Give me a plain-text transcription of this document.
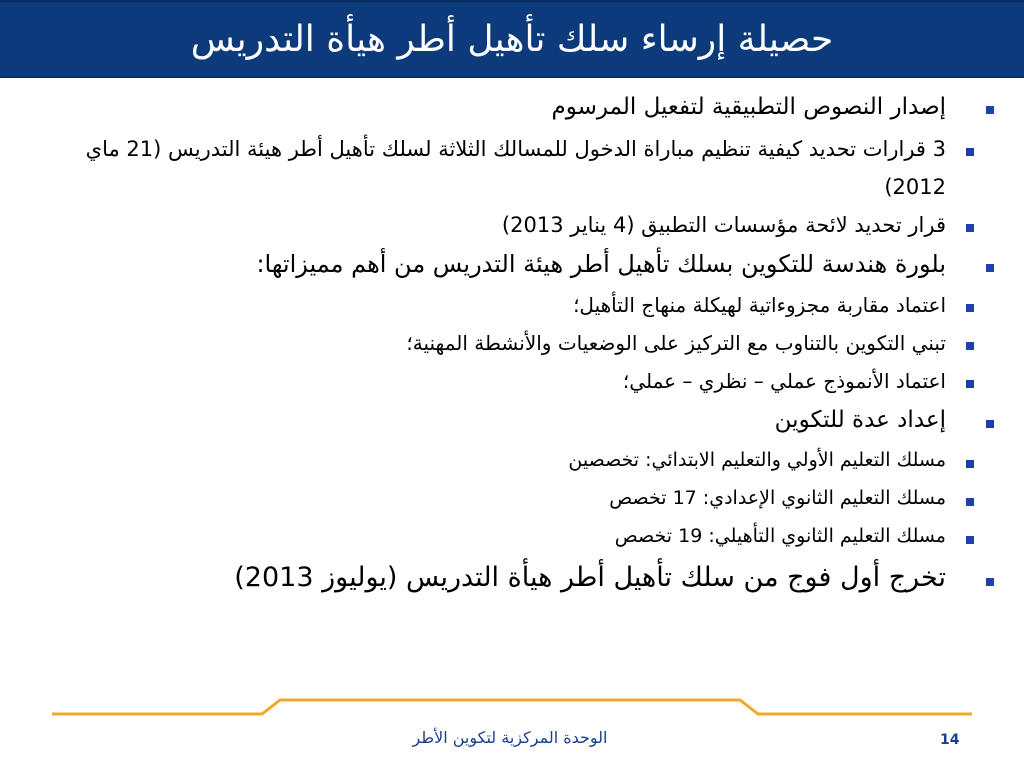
حصيلة إرساء سلك تأهيل أطر هيأة التدريس
إصدار النصوص التطبيقية لتفعيل المرسوم
3 قرارات تحديد كيفية تنظيم مباراة الدخول للمسالك الثلاثة لسلك تأهيل أطر هيئة التدريس (21 ماي 2012)
قرار تحديد لائحة مؤسسات التطبيق (4 يناير 2013)
بلورة هندسة للتكوين بسلك تأهيل أطر هيئة التدريس من أهم مميزاتها:
اعتماد مقاربة مجزوءاتية لهيكلة منهاج التأهيل؛
تبني التكوين بالتناوب مع التركيز على الوضعيات والأنشطة المهنية؛
اعتماد الأنموذج عملي – نظري – عملي؛
إعداد عدة للتكوين
مسلك التعليم الأولي والتعليم الابتدائي: تخصصين
مسلك التعليم الثانوي الإعدادي: 17 تخصص
مسلك التعليم الثانوي التأهيلي: 19 تخصص
تخرج أول فوج من سلك تأهيل أطر هيأة التدريس (يوليوز 2013)
الوحدة المركزية لتكوين الأطر	14
